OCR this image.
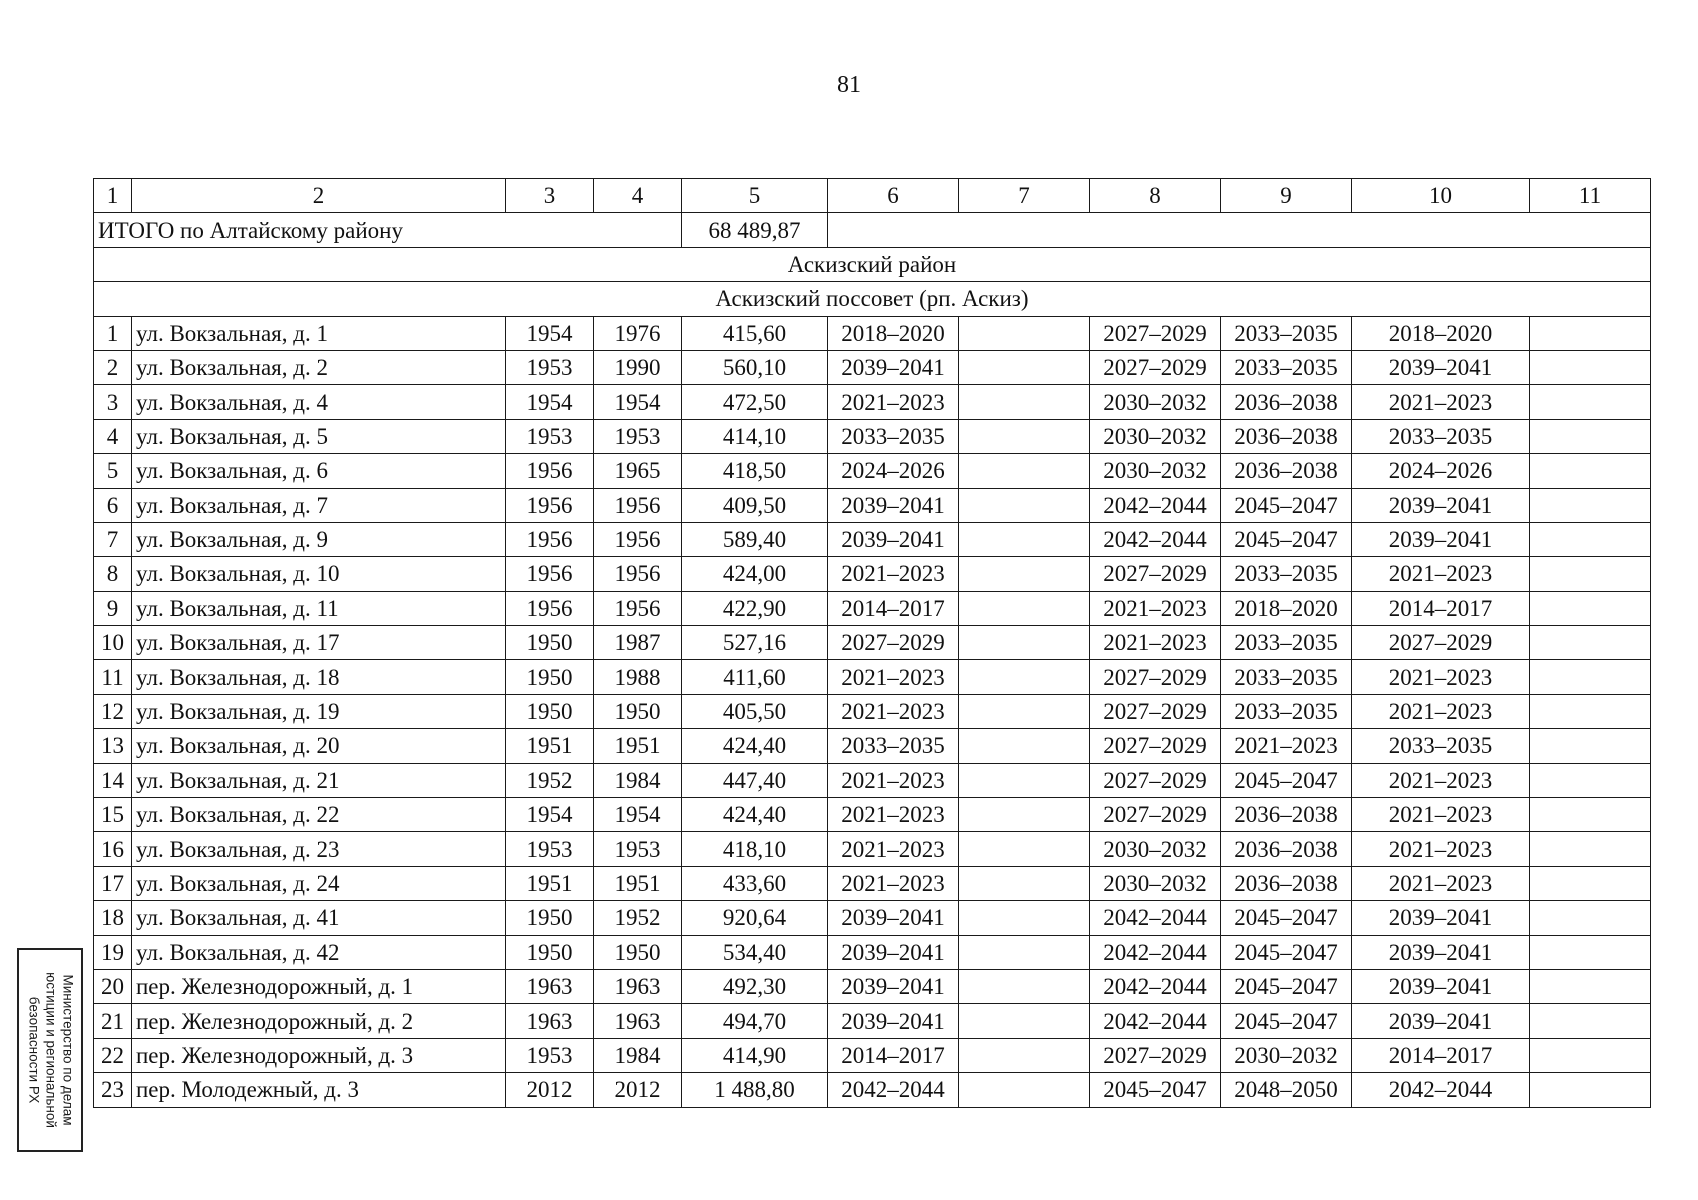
81
1	2	3	4	5	6	7	8	9	10	11
ИТОГО по Алтайскому району				68 489,87						
Аскизский район										
Аскизский поссовет (рп. Аскиз)										
1	ул. Вокзальная, д. 1	1954	1976	415,60	2018–2020		2027–2029	2033–2035	2018–2020	
2	ул. Вокзальная, д. 2	1953	1990	560,10	2039–2041		2027–2029	2033–2035	2039–2041	
3	ул. Вокзальная, д. 4	1954	1954	472,50	2021–2023		2030–2032	2036–2038	2021–2023	
4	ул. Вокзальная, д. 5	1953	1953	414,10	2033–2035		2030–2032	2036–2038	2033–2035	
5	ул. Вокзальная, д. 6	1956	1965	418,50	2024–2026		2030–2032	2036–2038	2024–2026	
6	ул. Вокзальная, д. 7	1956	1956	409,50	2039–2041		2042–2044	2045–2047	2039–2041	
7	ул. Вокзальная, д. 9	1956	1956	589,40	2039–2041		2042–2044	2045–2047	2039–2041	
8	ул. Вокзальная, д. 10	1956	1956	424,00	2021–2023		2027–2029	2033–2035	2021–2023	
9	ул. Вокзальная, д. 11	1956	1956	422,90	2014–2017		2021–2023	2018–2020	2014–2017	
10	ул. Вокзальная, д. 17	1950	1987	527,16	2027–2029		2021–2023	2033–2035	2027–2029	
11	ул. Вокзальная, д. 18	1950	1988	411,60	2021–2023		2027–2029	2033–2035	2021–2023	
12	ул. Вокзальная, д. 19	1950	1950	405,50	2021–2023		2027–2029	2033–2035	2021–2023	
13	ул. Вокзальная, д. 20	1951	1951	424,40	2033–2035		2027–2029	2021–2023	2033–2035	
14	ул. Вокзальная, д. 21	1952	1984	447,40	2021–2023		2027–2029	2045–2047	2021–2023	
15	ул. Вокзальная, д. 22	1954	1954	424,40	2021–2023		2027–2029	2036–2038	2021–2023	
16	ул. Вокзальная, д. 23	1953	1953	418,10	2021–2023		2030–2032	2036–2038	2021–2023	
17	ул. Вокзальная, д. 24	1951	1951	433,60	2021–2023		2030–2032	2036–2038	2021–2023	
18	ул. Вокзальная, д. 41	1950	1952	920,64	2039–2041		2042–2044	2045–2047	2039–2041	
19	ул. Вокзальная, д. 42	1950	1950	534,40	2039–2041		2042–2044	2045–2047	2039–2041	
20	пер. Железнодорожный, д. 1	1963	1963	492,30	2039–2041		2042–2044	2045–2047	2039–2041	
21	пер. Железнодорожный, д. 2	1963	1963	494,70	2039–2041		2042–2044	2045–2047	2039–2041	
22	пер. Железнодорожный, д. 3	1953	1984	414,90	2014–2017		2027–2029	2030–2032	2014–2017	
23	пер. Молодежный, д. 3	2012	2012	1 488,80	2042–2044		2045–2047	2048–2050	2042–2044	
Министерство по делам
юстиции и региональной
безопасности РХ
